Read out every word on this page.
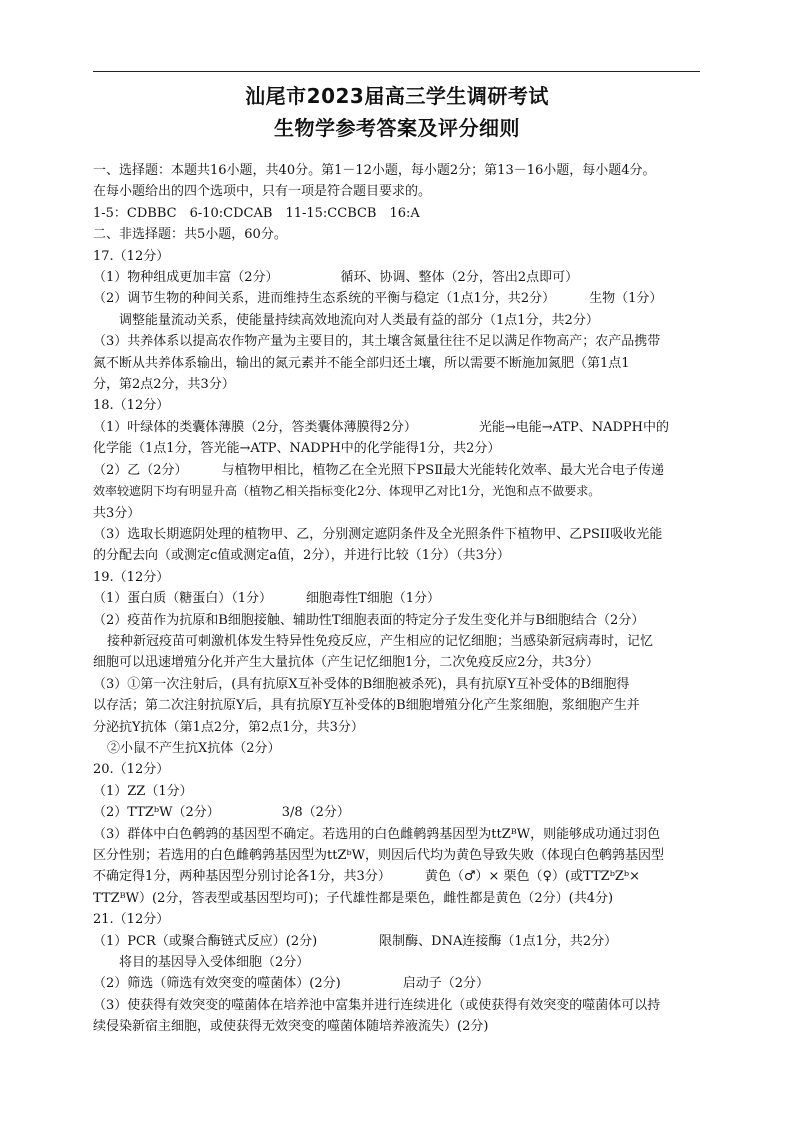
汕尾市2023届高三学生调研考试
生物学参考答案及评分细则
一、选择题：本题共16小题，共40分。第1－12小题，每小题2分；第13－16小题，每小题4分。
在每小题给出的四个选项中，只有一项是符合题目要求的。
1-5：CDBBC　6-10:CDCAB　11-15:CCBCB　16:A
二、非选择题：共5小题，60分。
17.（12分）
（1）物种组成更加丰富（2分）	循环、协调、整体（2分，答出2点即可）
（2）调节生物的种间关系，进而维持生态系统的平衡与稳定（1点1分，共2分）	生物（1分）
调整能量流动关系，使能量持续高效地流向对人类最有益的部分（1点1分，共2分）
（3）共养体系以提高农作物产量为主要目的，其土壤含氮量往往不足以满足作物高产；农产品携带
氮不断从共养体系输出，输出的氮元素并不能全部归还土壤，所以需要不断施加氮肥（第1点1
分，第2点2分，共3分）
18.（12分）
（1）叶绿体的类囊体薄膜（2分，答类囊体薄膜得2分）	光能→电能→ATP、NADPH中的
化学能（1点1分，答光能→ATP、NADPH中的化学能得1分，共2分）
（2）乙（2分）	与植物甲相比，植物乙在全光照下PSⅡ最大光能转化效率、最大光合电子传递
效率较遮阴下均有明显升高（植物乙相关指标变化2分、体现甲乙对比1分，光饱和点不做要求。
共3分）
（3）选取长期遮阴处理的植物甲、乙，分别测定遮阴条件及全光照条件下植物甲、乙PSII吸收光能
的分配去向（或测定c值或测定a值，2分），并进行比较（1分）（共3分）
19.（12分）
（1）蛋白质（糖蛋白）（1分）	细胞毒性T细胞（1分）
（2）疫苗作为抗原和B细胞接触、辅助性T细胞表面的特定分子发生变化并与B细胞结合（2分）
接种新冠疫苗可刺激机体发生特异性免疫反应，产生相应的记忆细胞；当感染新冠病毒时，记忆
细胞可以迅速增殖分化并产生大量抗体（产生记忆细胞1分，二次免疫反应2分，共3分）
（3）①第一次注射后，(具有抗原X互补受体的B细胞被杀死)，具有抗原Y互补受体的B细胞得
以存活；第二次注射抗原Y后，具有抗原Y互补受体的B细胞增殖分化产生浆细胞，浆细胞产生并
分泌抗Y抗体（第1点2分，第2点1分，共3分）
②小鼠不产生抗X抗体（2分）
20.（12分）
（1）ZZ（1分）
（2）TTZᵇW（2分）	3/8（2分）
（3）群体中白色鹌鹑的基因型不确定。若选用的白色雌鹌鹑基因型为ttZᴮW，则能够成功通过羽色
区分性别；若选用的白色雌鹌鹑基因型为ttZᵇW，则因后代均为黄色导致失败（体现白色鹌鹑基因型
不确定得1分，两种基因型分别讨论各1分，共3分）	黄色（♂）× 栗色（♀）(或TTZᵇZᵇ×
TTZᴮW）(2分，答表型或基因型均可)；子代雄性都是栗色，雌性都是黄色（2分）(共4分)
21.（12分）
（1）PCR（或聚合酶链式反应）(2分)	限制酶、DNA连接酶（1点1分，共2分）
将目的基因导入受体细胞（2分）
（2）筛选（筛选有效突变的噬菌体）(2分)	启动子（2分）
（3）使获得有效突变的噬菌体在培养池中富集并进行连续进化（或使获得有效突变的噬菌体可以持
续侵染新宿主细胞，或使获得无效突变的噬菌体随培养液流失）(2分)
